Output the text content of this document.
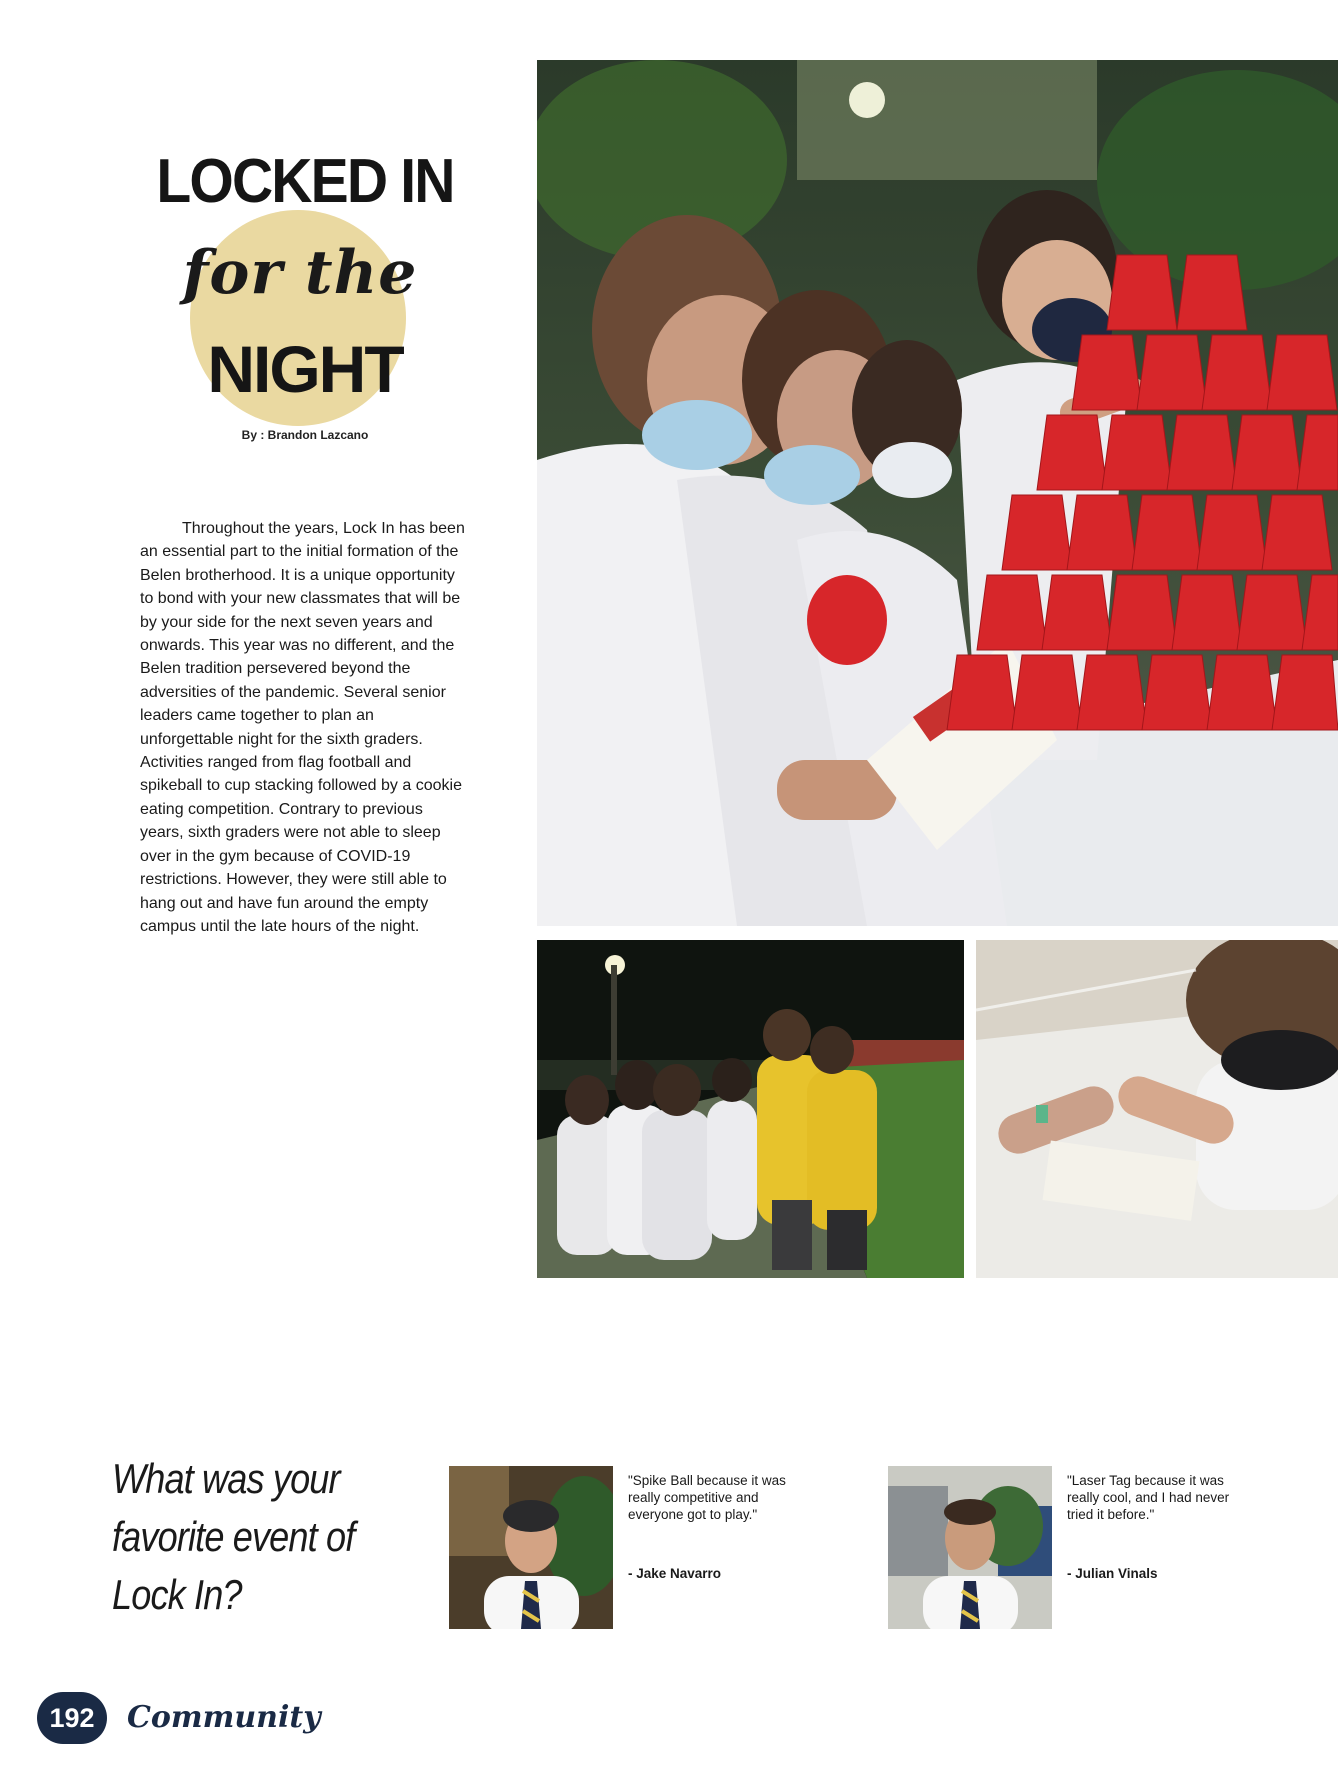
LOCKED IN
for the
NIGHT
By : Brandon Lazcano

Throughout the years, Lock In has been an essential part to the initial formation of the Belen brotherhood. It is a unique opportunity to bond with your new classmates that will be by your side for the next seven years and onwards. This year was no different, and the Belen tradition persevered beyond the adversities of the pandemic. Several senior leaders came together to plan an unforgettable night for the sixth graders. Activities ranged from flag football and spikeball to cup stacking followed by a cookie eating competition. Contrary to previous years, sixth graders were not able to sleep over in the gym because of COVID-19 restrictions. However, they were still able to hang out and have fun around the empty campus until the late hours of the night.

What was your favorite event of Lock In?
"Spike Ball because it was really competitive and everyone got to play."
- Jake Navarro
"Laser Tag because it was really cool, and I had never tried it before."
- Julian Vinals
192	Community
